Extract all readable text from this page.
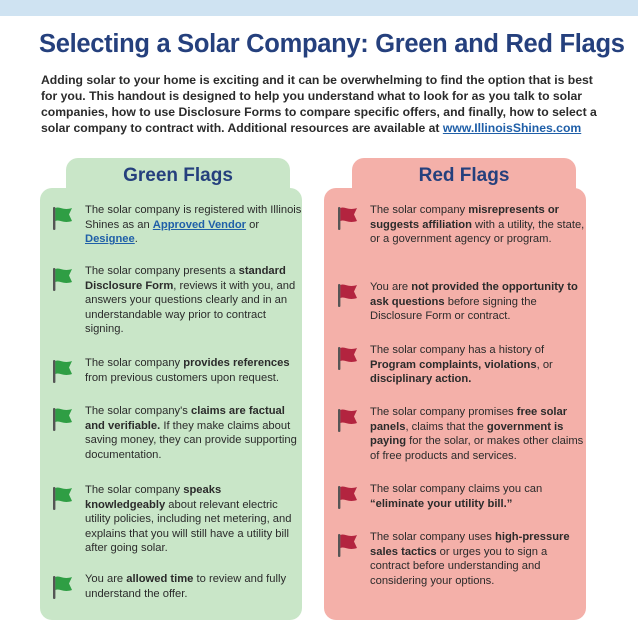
Selecting a Solar Company: Green and Red Flags

Adding solar to your home is exciting and it can be overwhelming to find the option that is best for you. This handout is designed to help you understand what to look for as you talk to solar companies, how to use Disclosure Forms to compare specific offers, and finally, how to select a solar company to contract with. Additional resources are available at www.IllinoisShines.com

Green Flags	Red Flags
The solar company is registered with Illinois Shines as an Approved Vendor or Designee.
The solar company presents a standard Disclosure Form, reviews it with you, and answers your questions clearly and in an understandable way prior to contract signing.
The solar company provides references from previous customers upon request.
The solar company's claims are factual and verifiable. If they make claims about saving money, they can provide supporting documentation.
The solar company speaks knowledgeably about relevant electric utility policies, including net metering, and explains that you will still have a utility bill after going solar.
You are allowed time to review and fully understand the offer.
The solar company misrepresents or suggests affiliation with a utility, the state, or a government agency or program.
You are not provided the opportunity to ask questions before signing the Disclosure Form or contract.
The solar company has a history of Program complaints, violations, or disciplinary action.
The solar company promises free solar panels, claims that the government is paying for the solar, or makes other claims of free products and services.
The solar company claims you can “eliminate your utility bill.”
The solar company uses high-pressure sales tactics or urges you to sign a contract before understanding and considering your options.
